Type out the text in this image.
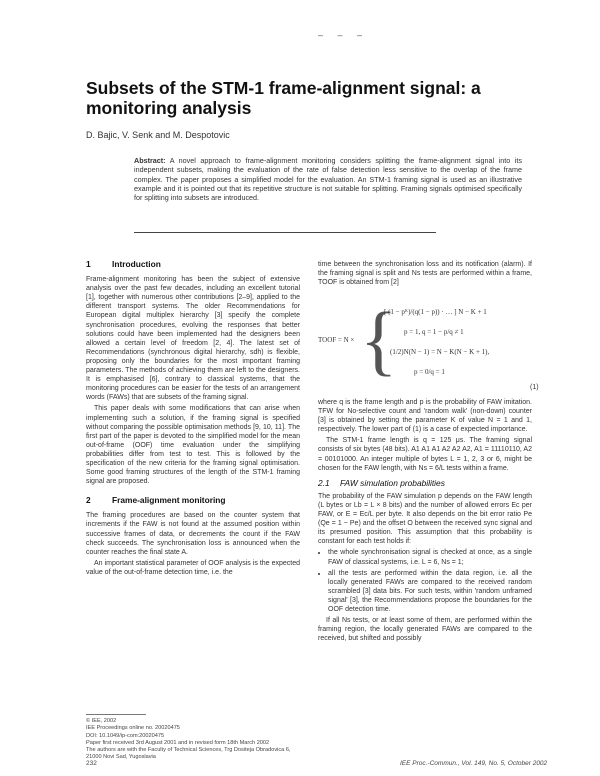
– – –
Subsets of the STM-1 frame-alignment signal: a monitoring analysis
D. Bajic, V. Senk and M. Despotovic
Abstract: A novel approach to frame-alignment monitoring considers splitting the frame-alignment signal into its independent subsets, making the evaluation of the rate of false detection less sensitive to the overlap of the frame complex. The paper proposes a simplified model for the evaluation. An STM-1 framing signal is used as an illustrative example and it is pointed out that its repetitive structure is not suitable for splitting. Framing signals optimised specifically for splitting into subsets are introduced.
1	Introduction

Frame-alignment monitoring has been the subject of extensive analysis over the past few decades, including an excellent tutorial [1], together with numerous other contributions [2–9], applied to the different transport systems. The older Recommendations for European digital multiplex hierarchy [3] specify the complete synchronisation procedures, evolving the responses that better solutions could have been implemented had the designers been allowed a certain level of freedom [2, 4]. The latest set of Recommendations (synchronous digital hierarchy, sdh) is flexible, proposing only the boundaries for the most important framing parameters. The methods of achieving them are left to the designers. It is emphasised [6], contrary to classical systems, that the monitoring procedures can be easier for the tests of an arrangement words (FAWs) that are subsets of the framing signal.

This paper deals with some modifications that can arise when implementing such a solution, if the framing signal is specified without comparing the possible optimisation methods [9, 10, 11]. The first part of the paper is devoted to the simplified model for the mean out-of-frame (OOF) time evaluation under the simplifying probabilities differ from test to test. This is followed by the specification of the new criteria for the framing signal optimisation. Some good framing structures of the length of the STM-1 framing signal are proposed.

2	Frame-alignment monitoring

The framing procedures are based on the counter system that increments if the FAW is not found at the assumed position within successive frames of data, or decrements the count if the FAW check succeeds. The synchronisation loss is announced when the counter reaches the final state A.

An important statistical parameter of OOF analysis is the expected value of the out-of-frame detection time, i.e. the

© IEE, 2002
IEE Proceedings online no. 20020475
DOI: 10.1049/ip-com:20020475
Paper first received 3rd August 2001 and in revised form 18th March 2002
The authors are with the Faculty of Technical Sciences, Trg Dositeja Obradovica 6, 21000 Novi Sad, Yugoslavia

time between the synchronisation loss and its notification (alarm). If the framing signal is split and Ns tests are performed within a frame, TOOF is obtained from [2]

TOOF = N × {
[ (1 − pᴷ)/(q(1 − p)) · … ] N − K + 1
p = 1, q = 1 − p/q ≠ 1
(1/2)N(N − 1) = N − K(N − K + 1),
p = 0/q = 1
(1)

where q is the frame length and p is the probability of FAW imitation. TFW for No-selective count and 'random walk' (non-down) counter [3] is obtained by setting the parameter K of value N = 1 and 1, respectively. The lower part of (1) is a case of expected importance.

The STM-1 frame length is q = 125 μs. The framing signal consists of six bytes (48 bits). A1 A1 A1 A2 A2 A2, A1 = 11110110, A2 = 00101000. An integer multiple of bytes L = 1, 2, 3 or 6, might be chosen for the FAW length, with Ns = 6/L tests within a frame.

2.1 FAW simulation probabilities

The probability of the FAW simulation p depends on the FAW length (L bytes or Lb = L × 8 bits) and the number of allowed errors Ec per FAW, or E = Ec/L per byte. It also depends on the bit error ratio Pe (Qe = 1 − Pe) and the offset O between the received sync signal and its presumed position. This assumption that this probability is constant for each test holds if:

• the whole synchronisation signal is checked at once, as a single FAW of classical systems, i.e. L = 6, Ns = 1;
• all the tests are performed within the data region, i.e. all the locally generated FAWs are compared to the received random scrambled [3] data bits. For such tests, within 'random unframed signal' [3], the Recommendations propose the boundaries for the OOF detection time.

If all Ns tests, or at least some of them, are performed within the framing region, the locally generated FAWs are compared to the received, but shifted and possibly

232	IEE Proc.-Commun., Vol. 149, No. 5, October 2002
